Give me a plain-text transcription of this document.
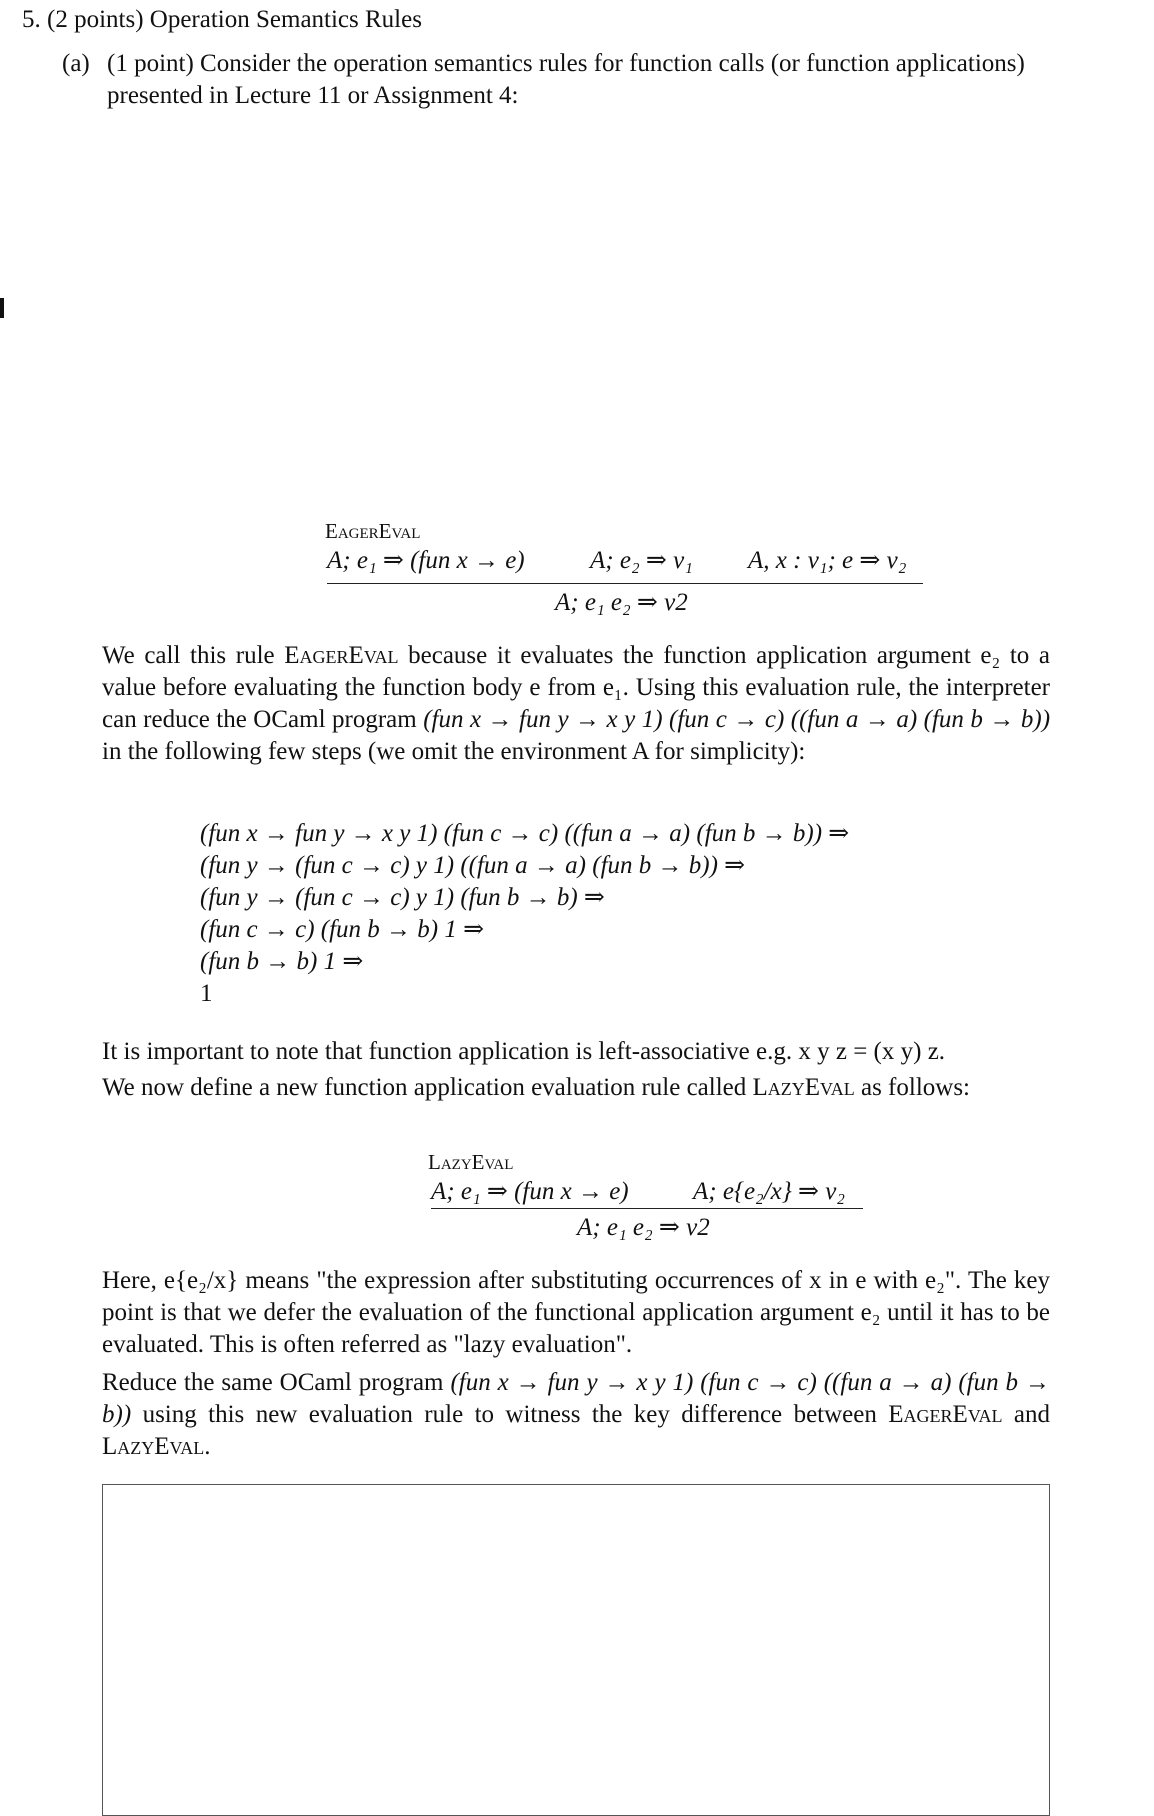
5. (2 points) Operation Semantics Rules
(a) (1 point) Consider the operation semantics rules for function calls (or function applications) presented in Lecture 11 or Assignment 4:
EagerEval
A; e₁ ⇒ (fun x → e)	A; e₂ ⇒ v₁ A, x : v₁; e ⇒ v₂
A; e₁ e₂ ⇒ v2
We call this rule EagerEval because it evaluates the function application argument e₂ to a value before evaluating the function body e from e₁. Using this evaluation rule, the interpreter can reduce the OCaml program (fun x → fun y → x y 1) (fun c → c) ((fun a → a) (fun b → b)) in the following few steps (we omit the environment A for simplicity):
(fun x → fun y → x y 1) (fun c → c) ((fun a → a) (fun b → b)) ⇒
(fun y → (fun c → c) y 1) ((fun a → a) (fun b → b)) ⇒
(fun y → (fun c → c) y 1) (fun b → b) ⇒
(fun c → c) (fun b → b) 1 ⇒
(fun b → b) 1 ⇒
1
It is important to note that function application is left-associative e.g. x y z = (x y) z.
We now define a new function application evaluation rule called LazyEval as follows:
LazyEval
A; e₁ ⇒ (fun x → e)	A; e{e₂/x} ⇒ v₂
A; e₁ e₂ ⇒ v2
Here, e{e₂/x} means "the expression after substituting occurrences of x in e with e₂". The key point is that we defer the evaluation of the functional application argument e₂ until it has to be evaluated. This is often referred as "lazy evaluation".
Reduce the same OCaml program (fun x → fun y → x y 1) (fun c → c) ((fun a → a) (fun b → b)) using this new evaluation rule to witness the key difference between EagerEval and LazyEval.
